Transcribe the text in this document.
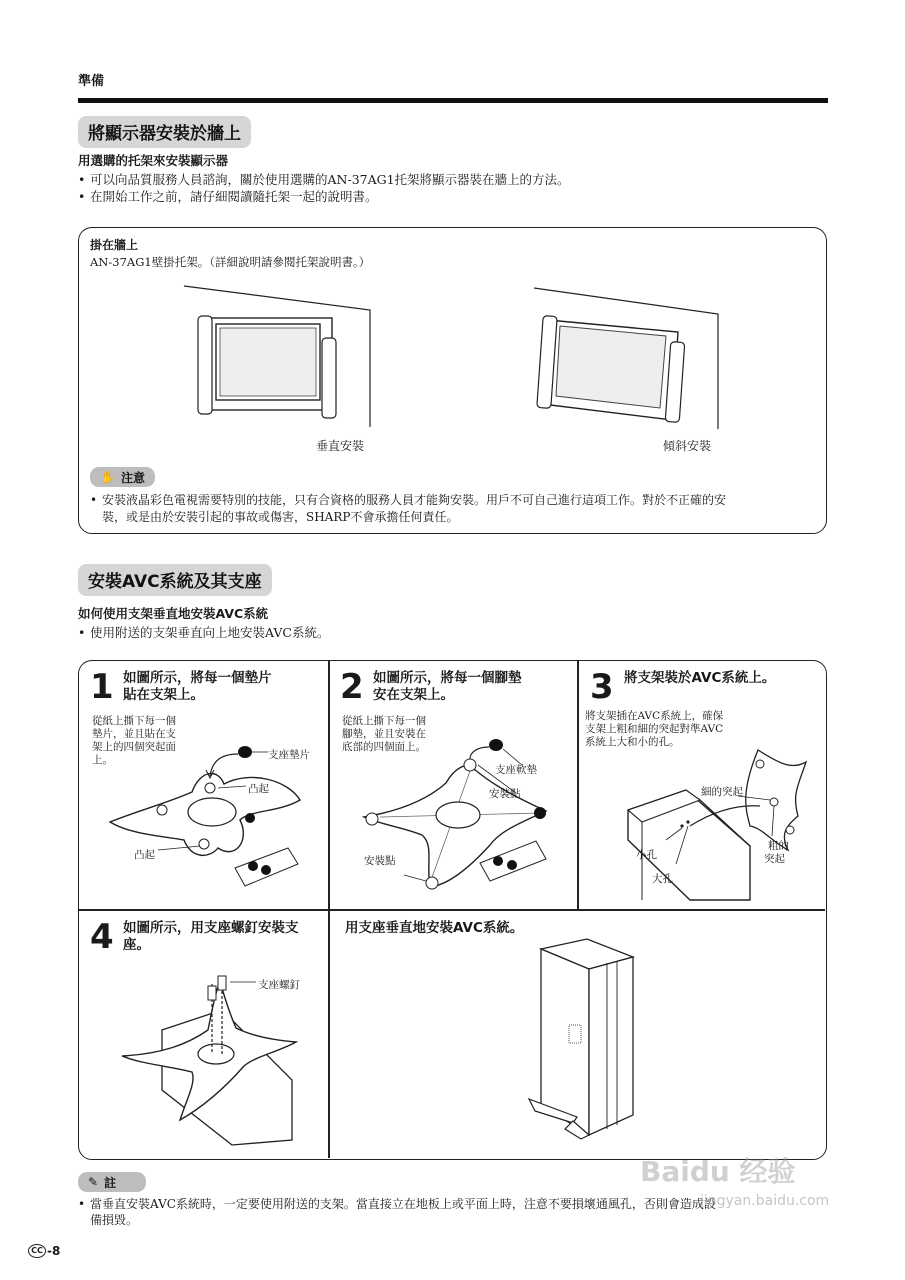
準備
將顯示器安裝於牆上
用選購的托架來安裝顯示器
• 可以向品質服務人員諮詢，關於使用選購的AN-37AG1托架將顯示器裝在牆上的方法。
• 在開始工作之前，請仔細閱讀隨托架一起的說明書。
掛在牆上
AN-37AG1壁掛托架。（詳細說明請參閱托架說明書。）
垂直安裝	傾斜安裝
✋ 注意
• 安裝液晶彩色電視需要特別的技能，只有合資格的服務人員才能夠安裝。用戶不可自己進行這項工作。對於不正確的安
裝，或是由於安裝引起的事故或傷害，SHARP不會承擔任何責任。
安裝AVC系統及其支座
如何使用支架垂直地安裝AVC系統
• 使用附送的支架垂直向上地安裝AVC系統。
1 如圖所示，將每一個墊片
貼在支架上。
從紙上撕下每一個
墊片，並且貼在支
架上的四個突起面
上。	支座墊片
凸起
凸起
2 如圖所示，將每一個腳墊
安在支架上。
從紙上撕下每一個
腳墊，並且安裝在
底部的四個面上。
支座軟墊
安裝點
安裝點
3 將支架裝於AVC系統上。
將支架插在AVC系統上，確保
支架上粗和細的突起對準AVC
系統上大和小的孔。
細的突起
小孔
大孔
粗的
突起
4 如圖所示，用支座螺釘安裝支
座。
支座螺釘
用支座垂直地安裝AVC系統。
✎ 註
• 當垂直安裝AVC系統時，一定要使用附送的支架。當直接立在地板上或平面上時，注意不要損壞通風孔，否則會造成設
備損毀。
CC -8
Baidu 经验
jingyan.baidu.com
